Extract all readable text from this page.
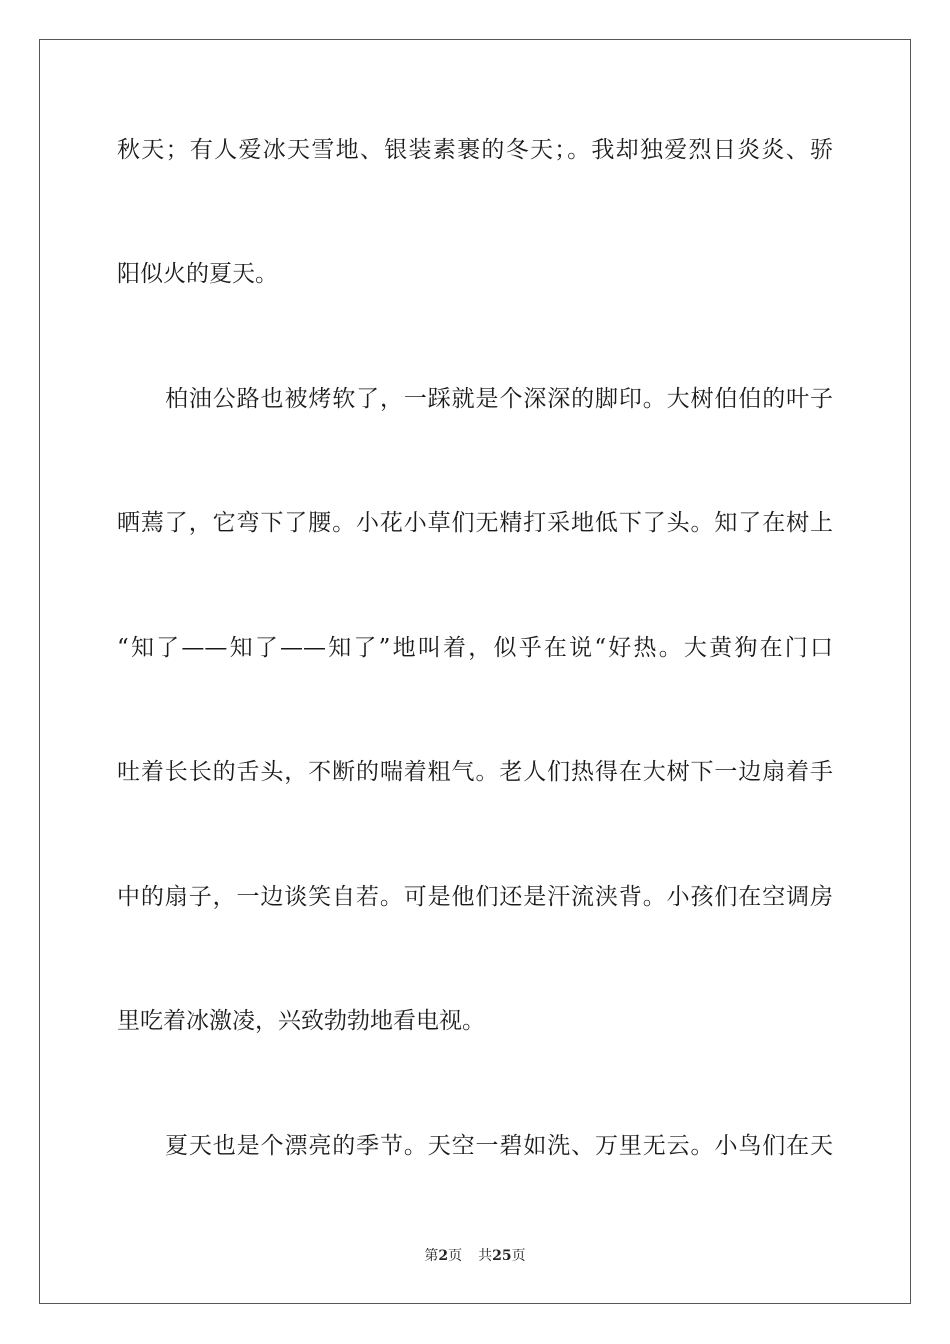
秋天；有人爱冰天雪地、银装素裹的冬天；。我却独爱烈日炎炎、骄
阳似火的夏天。
柏油公路也被烤软了，一踩就是个深深的脚印。大树伯伯的叶子
晒蔫了，它弯下了腰。小花小草们无精打采地低下了头。知了在树上
“知了——知了——知了”地叫着，似乎在说“好热。大黄狗在门口
吐着长长的舌头，不断的喘着粗气。老人们热得在大树下一边扇着手
中的扇子，一边谈笑自若。可是他们还是汗流浃背。小孩们在空调房
里吃着冰激凌，兴致勃勃地看电视。
夏天也是个漂亮的季节。天空一碧如洗、万里无云。小鸟们在天
第2页 共25页
